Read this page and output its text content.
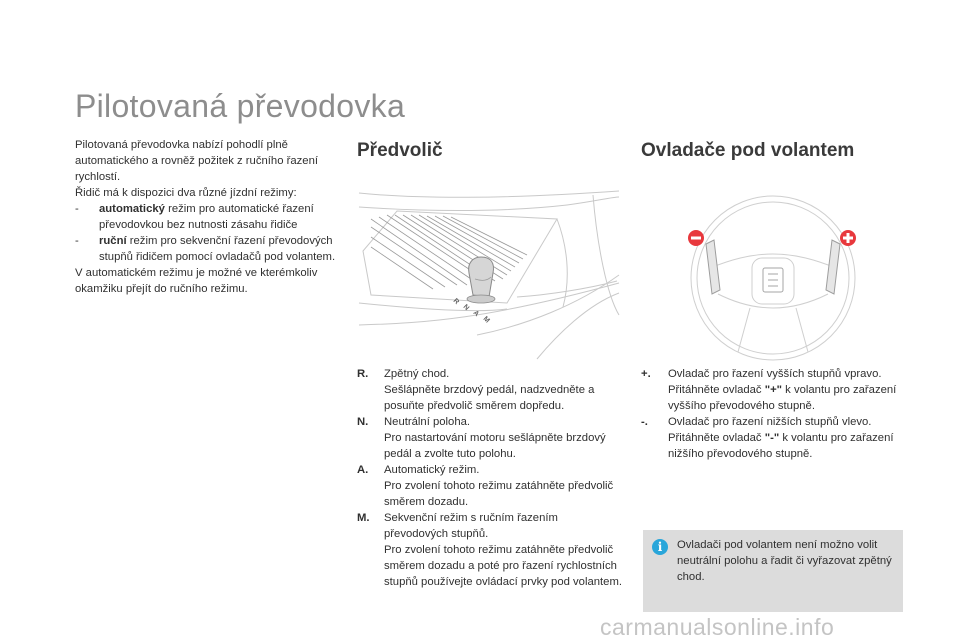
Pilotovaná převodovka

Pilotovaná převodovka nabízí pohodlí plně automatického a rovněž požitek z ručního řazení rychlostí.

Řidič má k dispozici dva různé jízdní režimy:

- automatický režim pro automatické řazení převodovkou bez nutnosti zásahu řidiče
- ruční režim pro sekvenční řazení převodových stupňů řidičem pomocí ovladačů pod volantem.

V automatickém režimu je možné ve kterémkoliv okamžiku přejít do ručního režimu.

Předvolič	Ovladače pod volantem
R
N
A
M
R. Zpětný chod.
Sešlápněte brzdový pedál, nadzvedněte a posuňte předvolič směrem dopředu.
N. Neutrální poloha.
Pro nastartování motoru sešlápněte brzdový pedál a zvolte tuto polohu.
A. Automatický režim.
Pro zvolení tohoto režimu zatáhněte předvolič směrem dozadu.
M. Sekvenční režim s ručním řazením převodových stupňů.
Pro zvolení tohoto režimu zatáhněte předvolič směrem dozadu a poté pro řazení rychlostních stupňů používejte ovládací prvky pod volantem.
+. Ovladač pro řazení vyšších stupňů vpravo.
Přitáhněte ovladač "+" k volantu pro zařazení vyššího převodového stupně.
-. Ovladač pro řazení nižších stupňů vlevo.
Přitáhněte ovladač "-" k volantu pro zařazení nižšího převodového stupně.
i	Ovladači pod volantem není možno volit neutrální polohu a řadit či vyřazovat zpětný chod.
carmanualsonline.info
